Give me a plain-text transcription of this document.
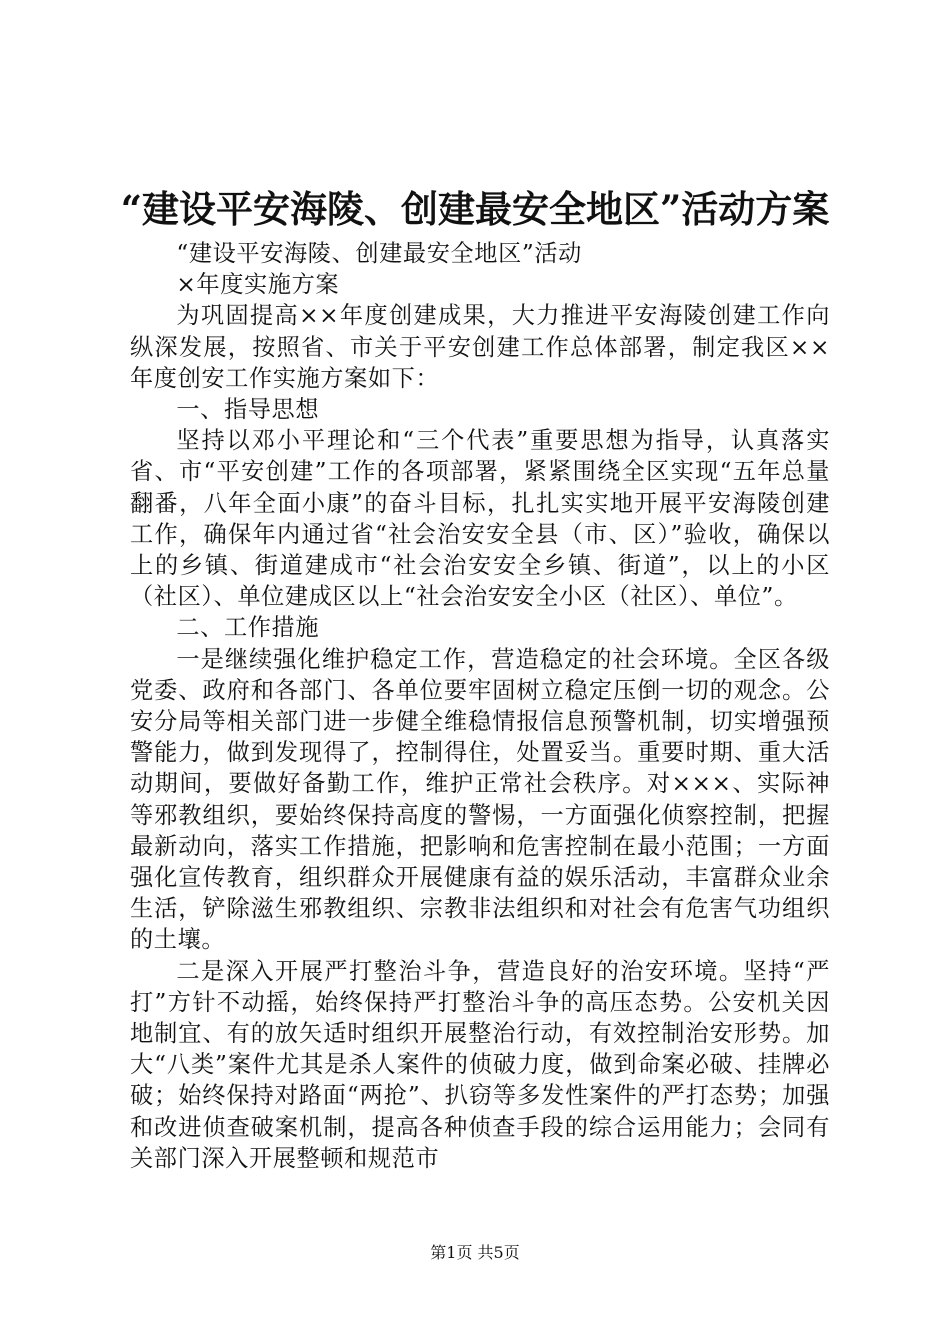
“建设平安海陵、创建最安全地区”活动方案

“建设平安海陵、创建最安全地区”活动

×年度实施方案

为巩固提高××年度创建成果，大力推进平安海陵创建工作向纵深发展，按照省、市关于平安创建工作总体部署，制定我区××年度创安工作实施方案如下：

一、指导思想

坚持以邓小平理论和“三个代表”重要思想为指导，认真落实省、市“平安创建”工作的各项部署，紧紧围绕全区实现“五年总量翻番，八年全面小康”的奋斗目标，扎扎实实地开展平安海陵创建工作，确保年内通过省“社会治安安全县（市、区）”验收，确保以上的乡镇、街道建成市“社会治安安全乡镇、街道”，以上的小区（社区）、单位建成区以上“社会治安安全小区（社区）、单位”。

二、工作措施

一是继续强化维护稳定工作，营造稳定的社会环境。全区各级党委、政府和各部门、各单位要牢固树立稳定压倒一切的观念。公安分局等相关部门进一步健全维稳情报信息预警机制，切实增强预警能力，做到发现得了，控制得住，处置妥当。重要时期、重大活动期间，要做好备勤工作，维护正常社会秩序。对×××、实际神等邪教组织，要始终保持高度的警惕，一方面强化侦察控制，把握最新动向，落实工作措施，把影响和危害控制在最小范围；一方面强化宣传教育，组织群众开展健康有益的娱乐活动，丰富群众业余生活，铲除滋生邪教组织、宗教非法组织和对社会有危害气功组织的土壤。

二是深入开展严打整治斗争，营造良好的治安环境。坚持“严打”方针不动摇，始终保持严打整治斗争的高压态势。公安机关因地制宜、有的放矢适时组织开展整治行动，有效控制治安形势。加大“八类”案件尤其是杀人案件的侦破力度，做到命案必破、挂牌必破；始终保持对路面“两抢”、扒窃等多发性案件的严打态势；加强和改进侦查破案机制，提高各种侦查手段的综合运用能力；会同有关部门深入开展整顿和规范市

第1页 共5页
